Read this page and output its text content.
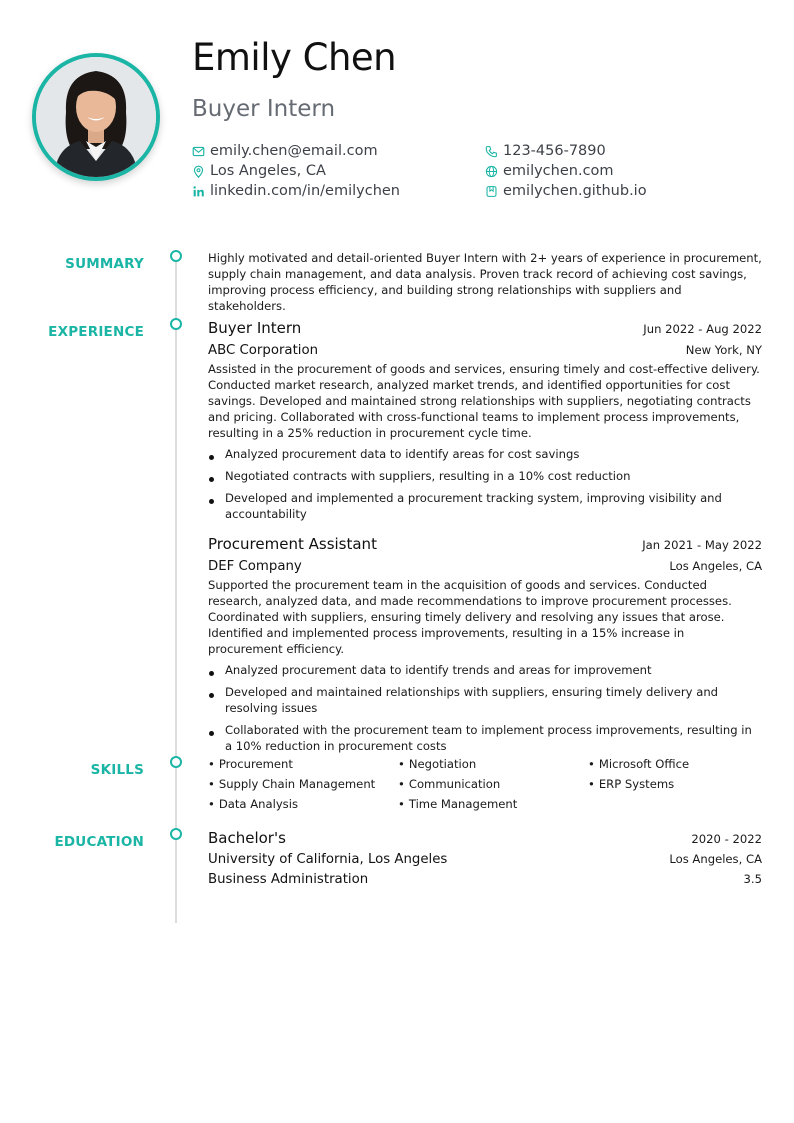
Emily Chen
Buyer Intern
emily.chen@email.com	123-456-7890
Los Angeles, CA	emilychen.com
linkedin.com/in/emilychen	emilychen.github.io
SUMMARY	Highly motivated and detail-oriented Buyer Intern with 2+ years of experience in procurement, supply chain management, and data analysis. Proven track record of achieving cost savings, improving process efficiency, and building strong relationships with suppliers and stakeholders.

EXPERIENCE	Buyer Intern	Jun 2022 - Aug 2022
ABC Corporation	New York, NY

Assisted in the procurement of goods and services, ensuring timely and cost-effective delivery. Conducted market research, analyzed market trends, and identified opportunities for cost savings. Developed and maintained strong relationships with suppliers, negotiating contracts and pricing. Collaborated with cross-functional teams to implement process improvements, resulting in a 25% reduction in procurement cycle time.

Analyzed procurement data to identify areas for cost savings
Negotiated contracts with suppliers, resulting in a 10% cost reduction
Developed and implemented a procurement tracking system, improving visibility and accountability
Procurement Assistant	Jan 2021 - May 2022
DEF Company	Los Angeles, CA

Supported the procurement team in the acquisition of goods and services. Conducted research, analyzed data, and made recommendations to improve procurement processes. Coordinated with suppliers, ensuring timely delivery and resolving any issues that arose. Identified and implemented process improvements, resulting in a 15% increase in procurement efficiency.

Analyzed procurement data to identify trends and areas for improvement
Developed and maintained relationships with suppliers, ensuring timely delivery and resolving issues
Collaborated with the procurement team to implement process improvements, resulting in a 10% reduction in procurement costs
SKILLS	• Procurement	• Negotiation	• Microsoft Office
• Supply Chain Management	• Communication	• ERP Systems
• Data Analysis	• Time Management
EDUCATION	Bachelor's	2020 - 2022
University of California, Los Angeles	Los Angeles, CA
Business Administration	3.5
